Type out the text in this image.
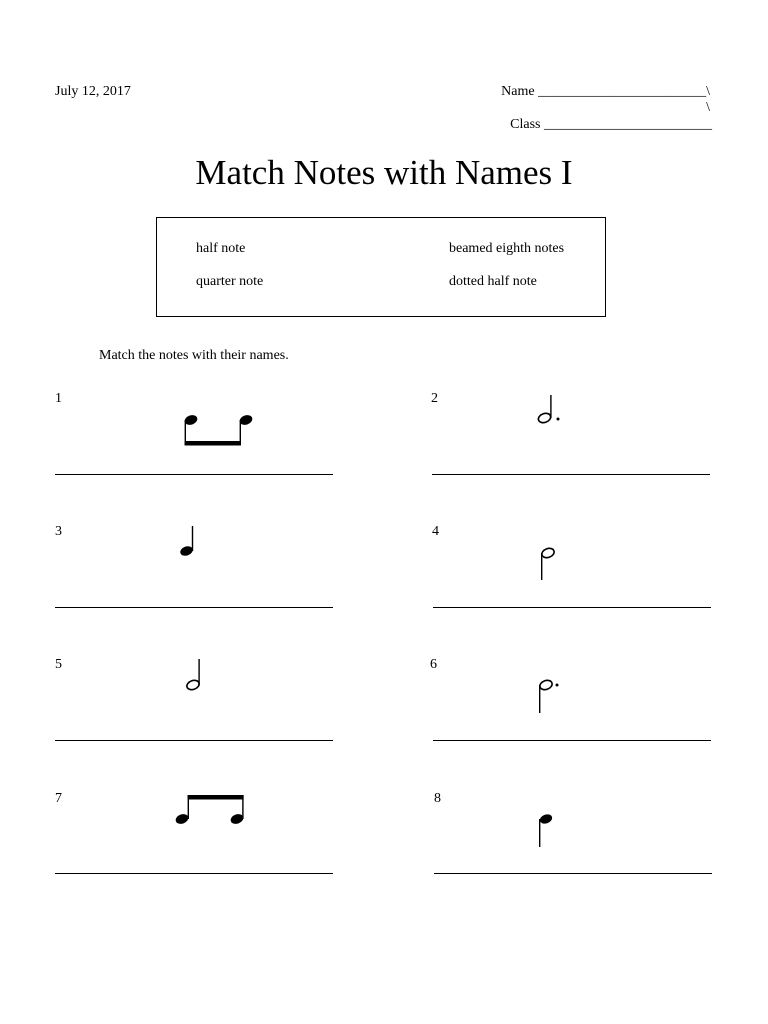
July 12, 2017	Name ________________________\
\
Class ________________________
Match Notes with Names I
half note	beamed eighth notes
quarter note	dotted half note
Match the notes with their names.
1	2
3	4
5	6
7	8
